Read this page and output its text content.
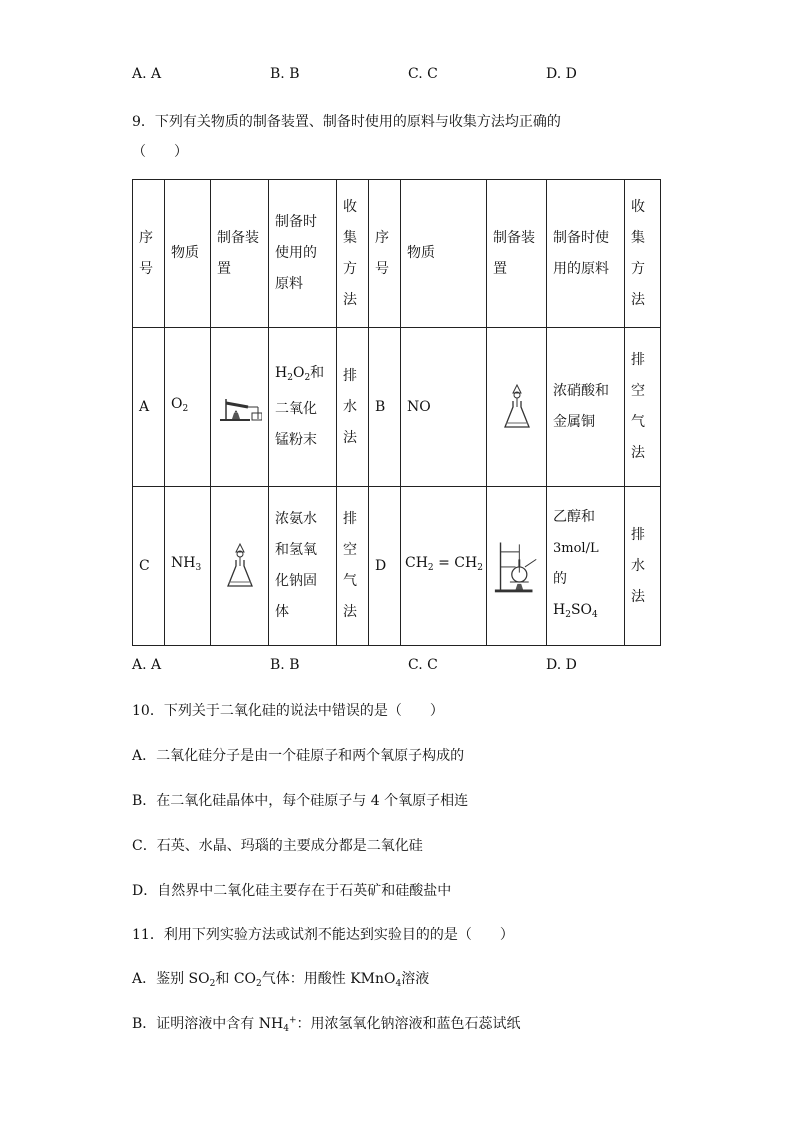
A. A	B. B	C. C	D. D
9．下列有关物质的制备装置、制备时使用的原料与收集方法均正确的
（　　）
序号	物质	制备装置	制备时使用的原料	收集方法	序号	物质	制备装置	制备时使用的原料	收集方法
A	$O_2$		$H_2O_2$和二氧化锰粉末	排水法	B	NO		浓硝酸和金属铜	排空气法
C	$NH_3$		浓氨水和氢氧化钠固体	排空气法	D	$CH_2 = CH_2$		乙醇和
3mol/L
的
$H_2SO_4$	排水法
A. A	B. B	C. C	D. D
10．下列关于二氧化硅的说法中错误的是（　　）
A．二氧化硅分子是由一个硅原子和两个氧原子构成的
B．在二氧化硅晶体中，每个硅原子与 4 个氧原子相连
C．石英、水晶、玛瑙的主要成分都是二氧化硅
D．自然界中二氧化硅主要存在于石英矿和硅酸盐中
11．利用下列实验方法或试剂不能达到实验目的的是（　　）
A．鉴别 $SO_2$和 $CO_2$气体：用酸性 KMnO$_4$溶液
B．证明溶液中含有 $NH_4^+$：用浓氢氧化钠溶液和蓝色石蕊试纸
